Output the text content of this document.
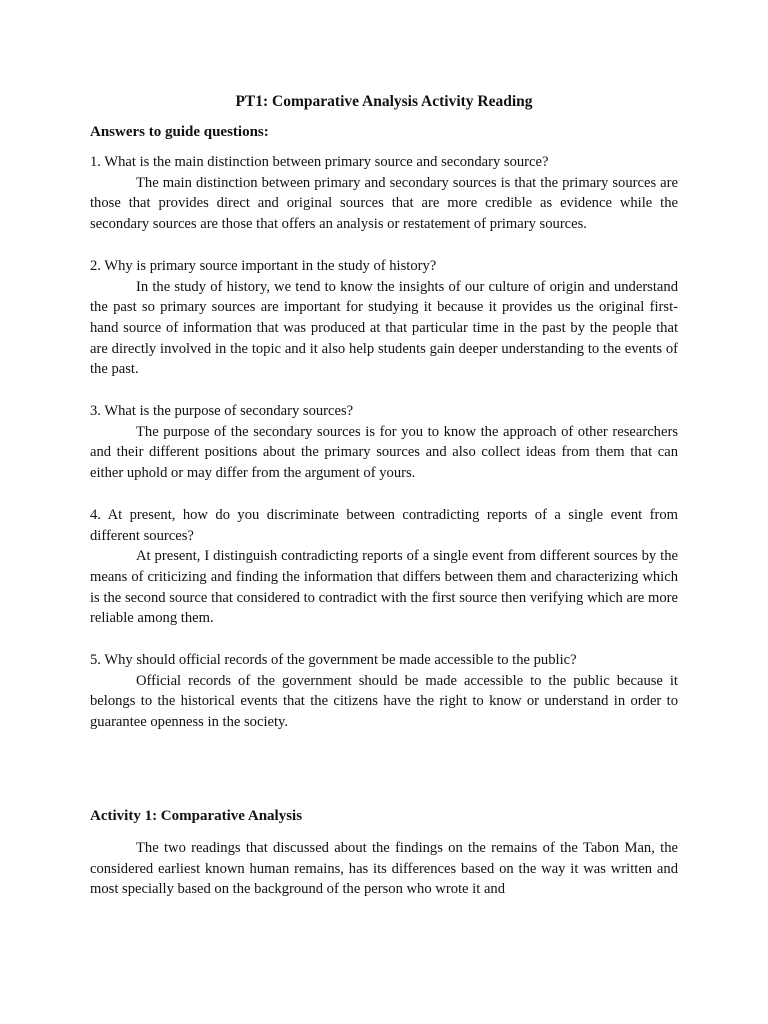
PT1: Comparative Analysis Activity Reading
Answers to guide questions:

1. What is the main distinction between primary source and secondary source?

The main distinction between primary and secondary sources is that the primary sources are those that provides direct and original sources that are more credible as evidence while the secondary sources are those that offers an analysis or restatement of primary sources.

2. Why is primary source important in the study of history?

In the study of history, we tend to know the insights of our culture of origin and understand the past so primary sources are important for studying it because it provides us the original first-hand source of information that was produced at that particular time in the past by the people that are directly involved in the topic and it also help students gain deeper understanding to the events of the past.

3. What is the purpose of secondary sources?

The purpose of the secondary sources is for you to know the approach of other researchers and their different positions about the primary sources and also collect ideas from them that can either uphold or may differ from the argument of yours.

4. At present, how do you discriminate between contradicting reports of a single event from different sources?

At present, I distinguish contradicting reports of a single event from different sources by the means of criticizing and finding the information that differs between them and characterizing which is the second source that considered to contradict with the first source then verifying which are more reliable among them.

5. Why should official records of the government be made accessible to the public?

Official records of the government should be made accessible to the public because it belongs to the historical events that the citizens have the right to know or understand in order to guarantee openness in the society.

Activity 1: Comparative Analysis

The two readings that discussed about the findings on the remains of the Tabon Man, the considered earliest known human remains, has its differences based on the way it was written and most specially based on the background of the person who wrote it and
